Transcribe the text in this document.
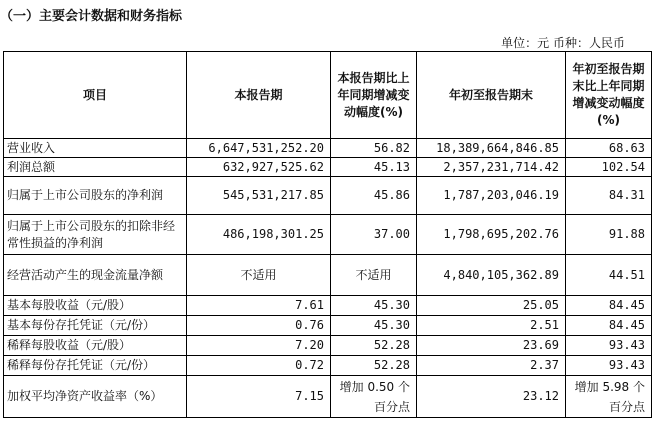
（一）主要会计数据和财务指标
单位：元 币种：人民币
项目	本报告期	本报告期比上年同期增减变动幅度(%)	年初至报告期末	年初至报告期末比上年同期增减变动幅度(%)
营业收入	6,647,531,252.20	56.82	18,389,664,846.85	68.63
利润总额	632,927,525.62	45.13	2,357,231,714.42	102.54
归属于上市公司股东的净利润	545,531,217.85	45.86	1,787,203,046.19	84.31
归属于上市公司股东的扣除非经常性损益的净利润	486,198,301.25	37.00	1,798,695,202.76	91.88
经营活动产生的现金流量净额	不适用	不适用	4,840,105,362.89	44.51
基本每股收益（元/股）	7.61	45.30	25.05	84.45
基本每份存托凭证（元/份）	0.76	45.30	2.51	84.45
稀释每股收益（元/股）	7.20	52.28	23.69	93.43
稀释每份存托凭证（元/份）	0.72	52.28	2.37	93.43
加权平均净资产收益率（%）	7.15	增加 0.50 个百分点	23.12	增加 5.98 个百分点
